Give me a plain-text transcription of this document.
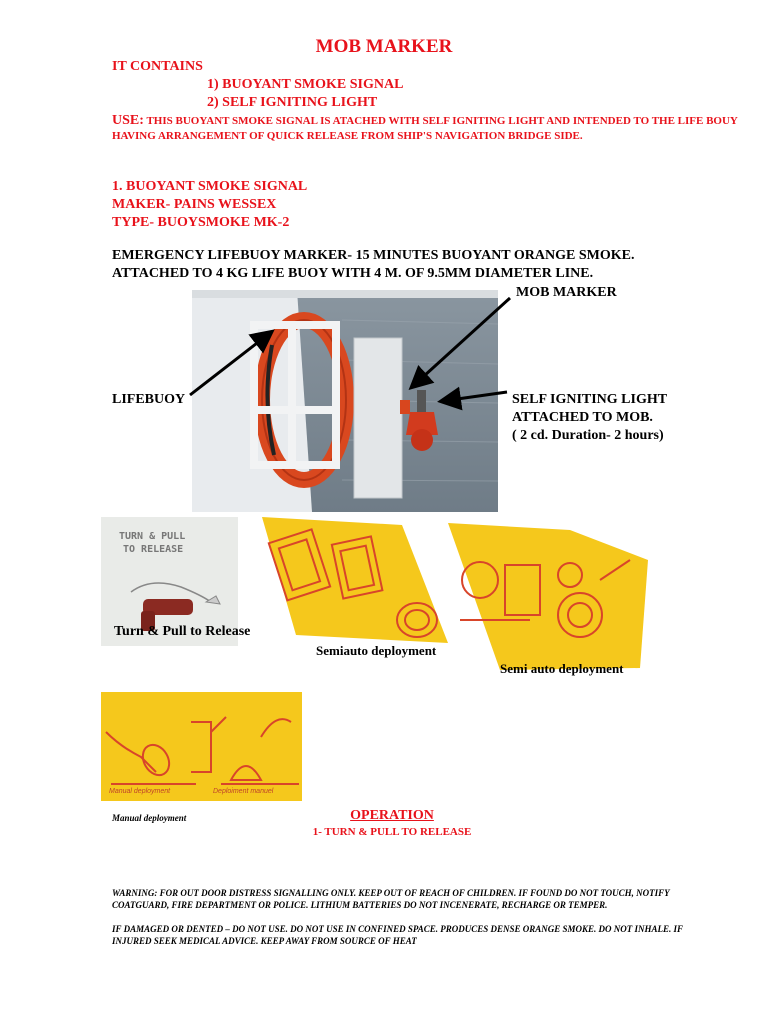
MOB MARKER
IT CONTAINS
1) BUOYANT SMOKE SIGNAL
2) SELF IGNITING LIGHT
USE: THIS BUOYANT SMOKE SIGNAL IS ATACHED WITH SELF IGNITING LIGHT AND INTENDED TO THE LIFE BOUY HAVING ARRANGEMENT OF QUICK RELEASE FROM SHIP'S NAVIGATION BRIDGE SIDE.
1. BUOYANT SMOKE SIGNAL
MAKER- PAINS WESSEX
TYPE- BUOYSMOKE MK-2
EMERGENCY LIFEBUOY MARKER- 15 MINUTES BUOYANT ORANGE SMOKE.
ATTACHED TO 4 KG LIFE BUOY WITH 4 M. OF 9.5MM DIAMETER LINE.
MOB MARKER
LIFEBUOY	SELF IGNITING LIGHT
ATTACHED TO MOB.
( 2 cd. Duration- 2 hours)
TURN & PULL
TO RELEASE
Turn & Pull to Release
Semiauto deployment
Semi auto deployment
Manual deployment	Deploiment manuel
Manual deployment	OPERATION
1- TURN & PULL TO RELEASE
WARNING: FOR OUT DOOR DISTRESS SIGNALLING ONLY. KEEP OUT OF REACH OF CHILDREN. IF FOUND DO NOT TOUCH, NOTIFY COATGUARD, FIRE DEPARTMENT OR POLICE. LITHIUM BATTERIES DO NOT INCENERATE, RECHARGE OR TEMPER.
IF DAMAGED OR DENTED – DO NOT USE. DO NOT USE IN CONFINED SPACE. PRODUCES DENSE ORANGE SMOKE. DO NOT INHALE. IF INJURED SEEK MEDICAL ADVICE. KEEP AWAY FROM SOURCE OF HEAT
